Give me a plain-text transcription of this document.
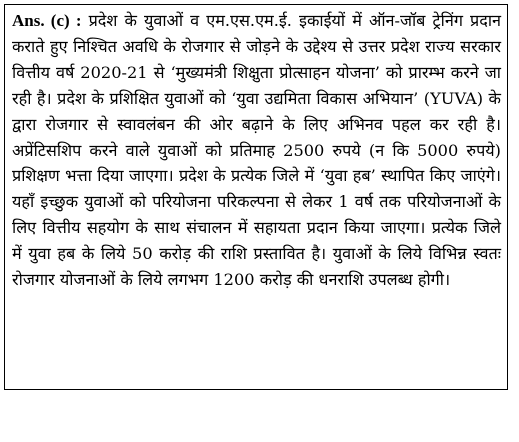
Ans. (c) : प्रदेश के युवाओं व एम.एस.एम.ई. इकाईयों में ऑन-जॉब ट्रेनिंग प्रदान कराते हुए निश्चित अवधि के रोजगार से जोड़ने के उद्देश्य से उत्तर प्रदेश राज्य सरकार वित्तीय वर्ष 2020-21 से ‘मुख्यमंत्री शिक्षुता प्रोत्साहन योजना’ को प्रारम्भ करने जा रही है। प्रदेश के प्रशिक्षित युवाओं को ‘युवा उद्यमिता विकास अभियान’ (YUVA) के द्वारा रोजगार से स्वावलंबन की ओर बढ़ाने के लिए अभिनव पहल कर रही है। अप्रेंटिसशिप करने वाले युवाओं को प्रतिमाह 2500 रुपये (न कि 5000 रुपये) प्रशिक्षण भत्ता दिया जाएगा। प्रदेश के प्रत्येक जिले में ‘युवा हब’ स्थापित किए जाएंगे। यहाँ इच्छुक युवाओं को परियोजना परिकल्पना से लेकर 1 वर्ष तक परियोजनाओं के लिए वित्तीय सहयोग के साथ संचालन में सहायता प्रदान किया जाएगा। प्रत्येक जिले में युवा हब के लिये 50 करोड़ की राशि प्रस्तावित है। युवाओं के लिये विभिन्न स्वतः रोजगार योजनाओं के लिये लगभग 1200 करोड़ की धनराशि उपलब्ध होगी।
